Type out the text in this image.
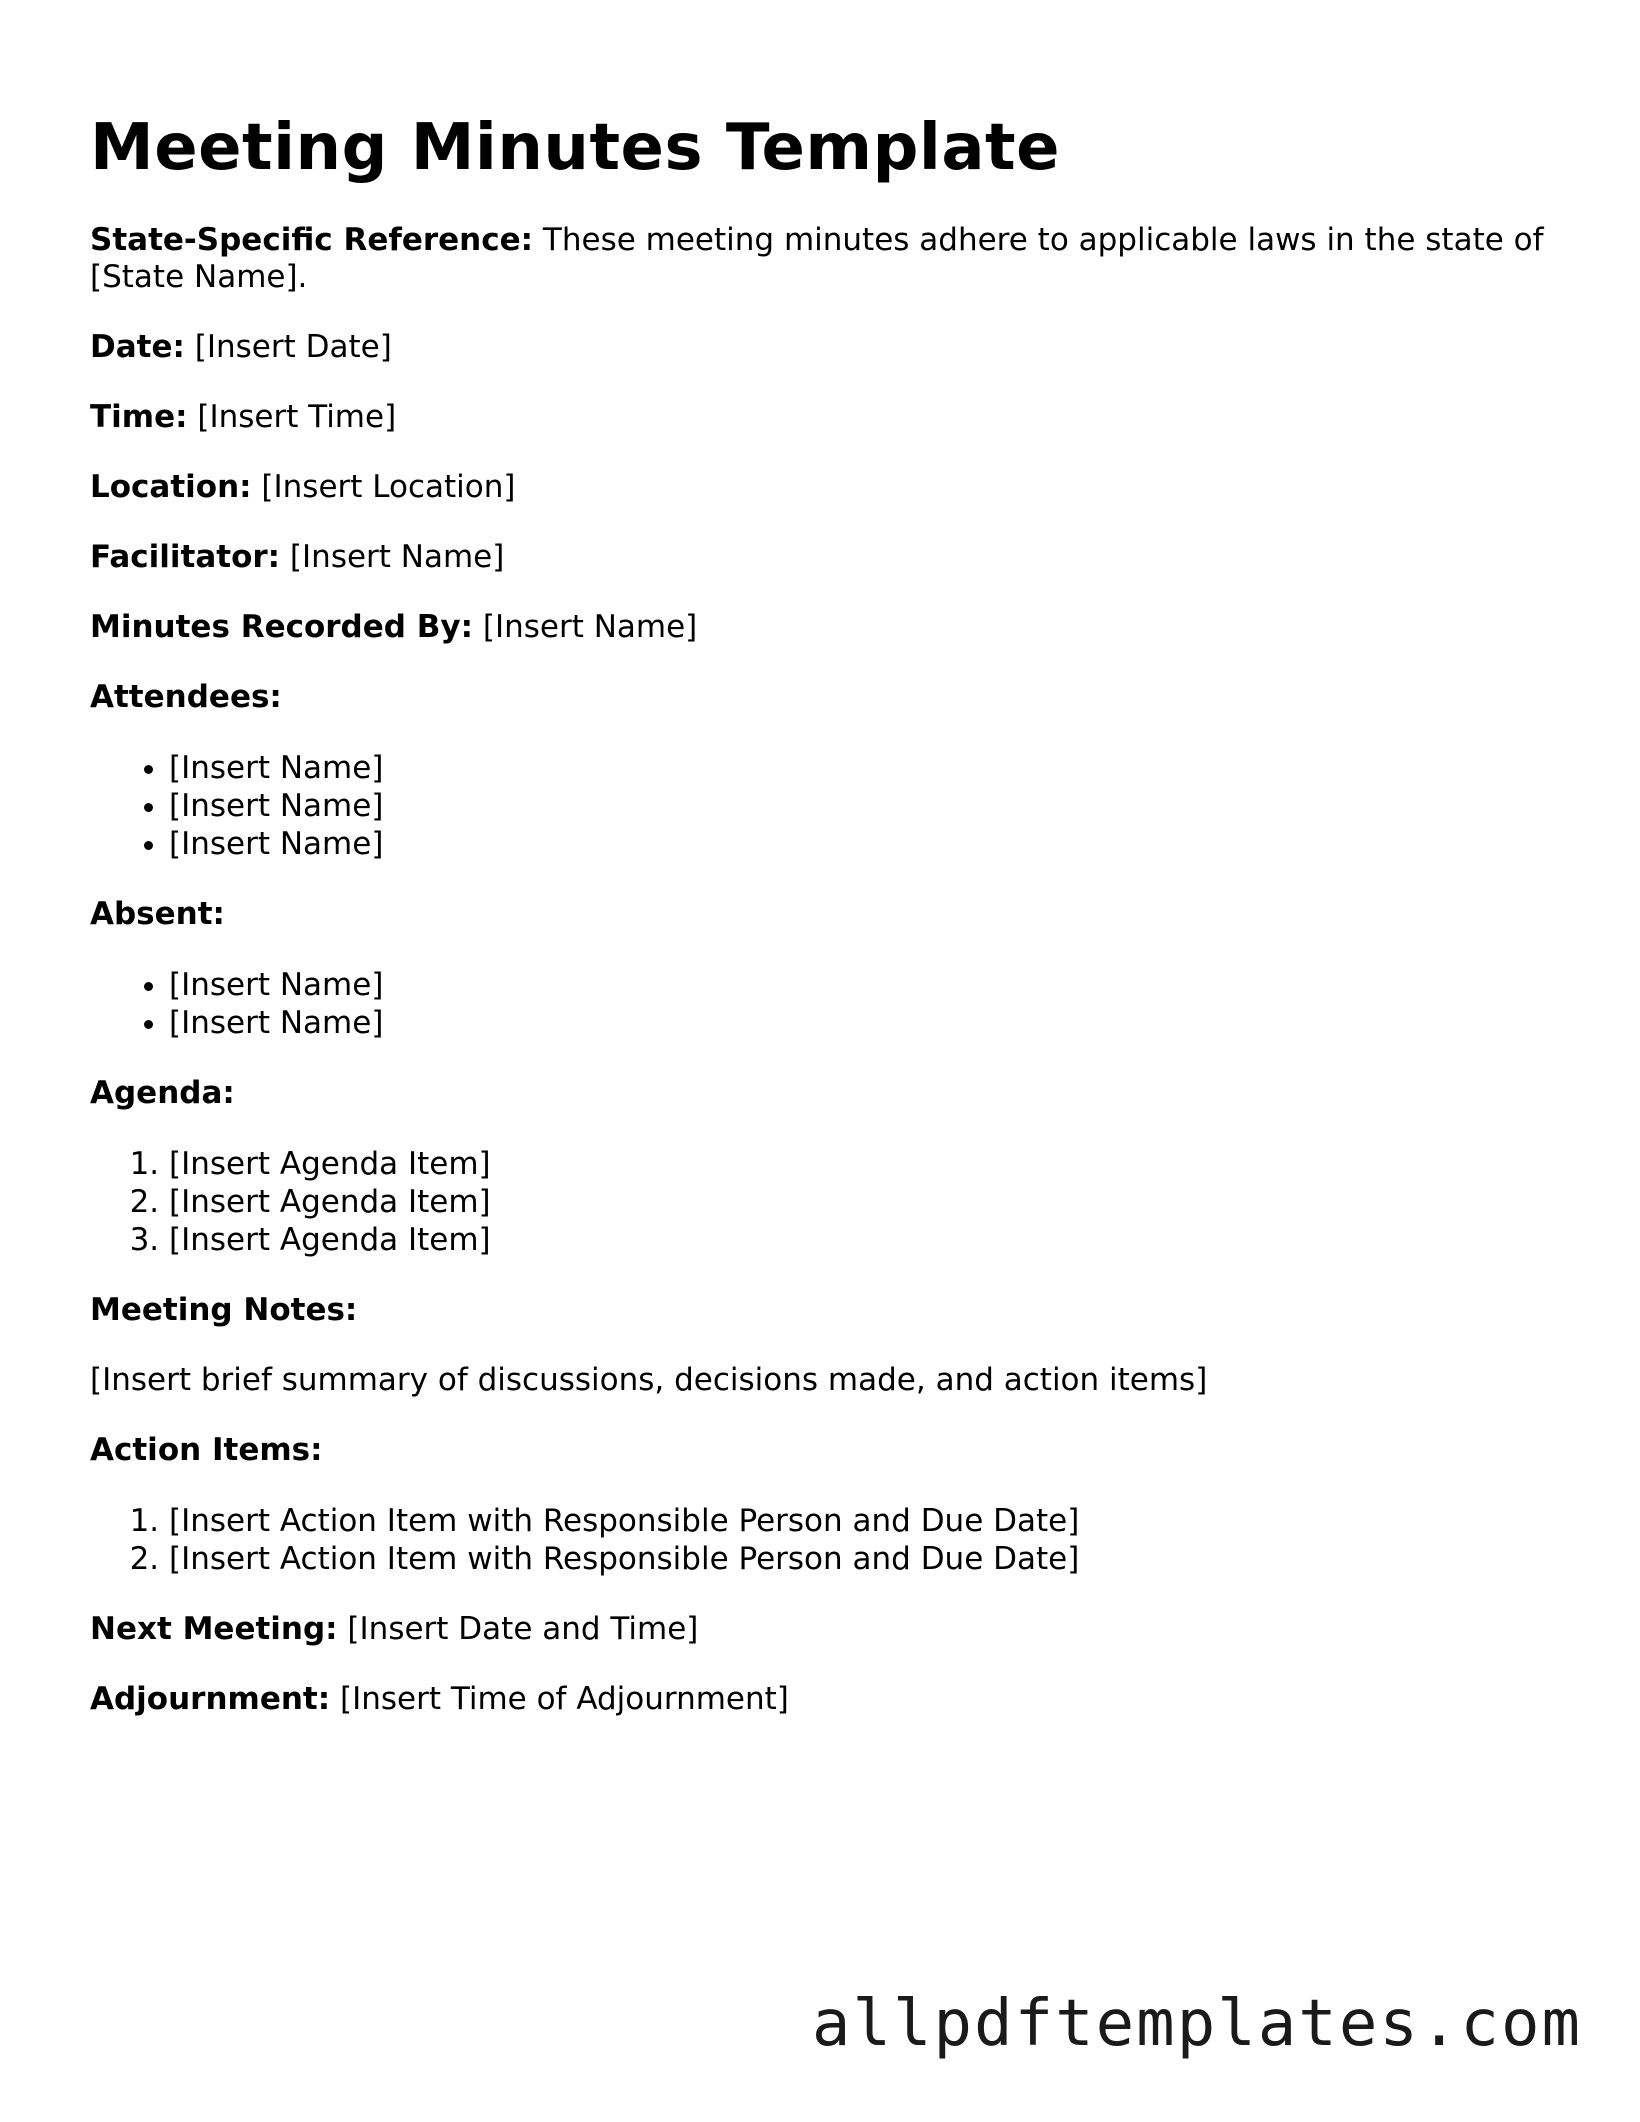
Meeting Minutes Template

State-Specific Reference: These meeting minutes adhere to applicable laws in the state of [State Name].

Date: [Insert Date]

Time: [Insert Time]

Location: [Insert Location]

Facilitator: [Insert Name]

Minutes Recorded By: [Insert Name]

Attendees:
• [Insert Name]
• [Insert Name]
• [Insert Name]
Absent:
• [Insert Name]
• [Insert Name]
Agenda:
1. [Insert Agenda Item]
2. [Insert Agenda Item]
3. [Insert Agenda Item]
Meeting Notes:

[Insert brief summary of discussions, decisions made, and action items]

Action Items:
1. [Insert Action Item with Responsible Person and Due Date]
2. [Insert Action Item with Responsible Person and Due Date]

Next Meeting: [Insert Date and Time]

Adjournment: [Insert Time of Adjournment]

allpdftemplates.com
